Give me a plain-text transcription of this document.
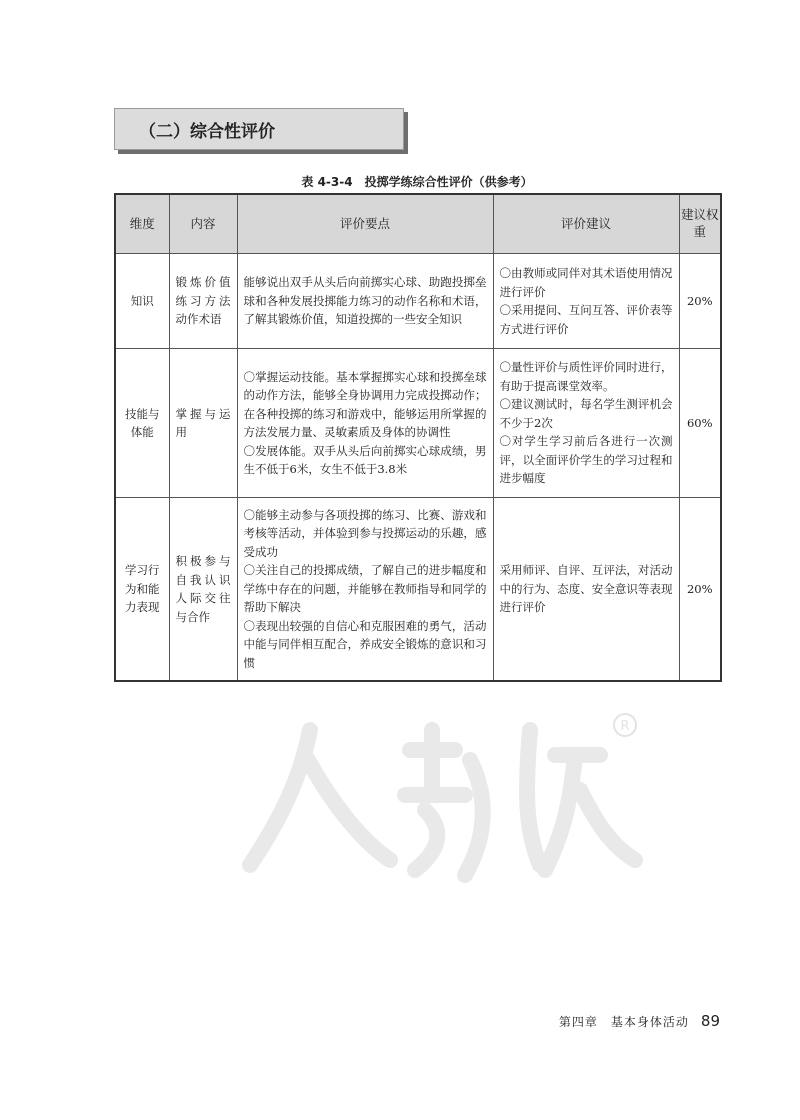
（二）综合性评价
表 4-3-4　投掷学练综合性评价（供参考）
维度	内容	评价要点	评价建议	建议权重
知识	锻炼价值练习方法动作术语	能够说出双手从头后向前掷实心球、助跑投掷垒球和各种发展投掷能力练习的动作名称和术语，了解其锻炼价值，知道投掷的一些安全知识	〇由教师或同伴对其术语使用情况进行评价
〇采用提问、互问互答、评价表等方式进行评价	20%
技能与体能	掌握与运用	〇掌握运动技能。基本掌握掷实心球和投掷垒球的动作方法，能够全身协调用力完成投掷动作；在各种投掷的练习和游戏中，能够运用所掌握的方法发展力量、灵敏素质及身体的协调性
〇发展体能。双手从头后向前掷实心球成绩，男生不低于6米，女生不低于3.8米	〇量性评价与质性评价同时进行，有助于提高课堂效率。
〇建议测试时，每名学生测评机会不少于2次
〇对学生学习前后各进行一次测评，以全面评价学生的学习过程和进步幅度	60%
学习行为和能力表现	积极参与自我认识人际交往与合作	〇能够主动参与各项投掷的练习、比赛、游戏和考核等活动，并体验到参与投掷运动的乐趣，感受成功
〇关注自己的投掷成绩，了解自己的进步幅度和学练中存在的问题，并能够在教师指导和同学的帮助下解决
〇表现出较强的自信心和克服困难的勇气，活动中能与同伴相互配合，养成安全锻炼的意识和习惯	采用师评、自评、互评法，对活动中的行为、态度、安全意识等表现进行评价	20%
R
第四章　基本身体活动 89
